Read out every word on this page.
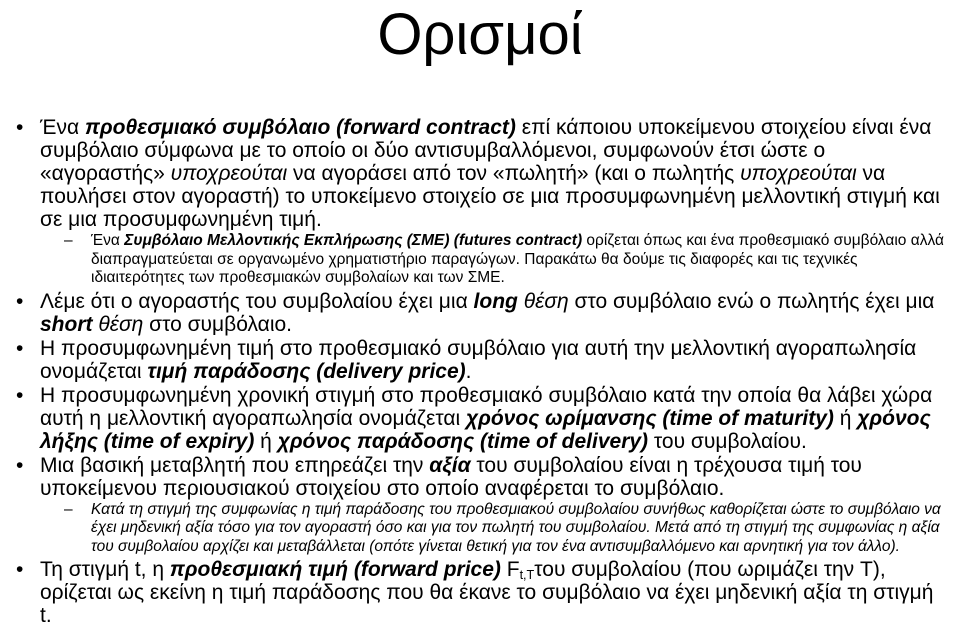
Ορισμοί

• Ένα προθεσμιακό συμβόλαιο (forward contract) επί κάποιου υποκείμενου στοιχείου είναι ένα συμβόλαιο σύμφωνα με το οποίο οι δύο αντισυμβαλλόμενοι, συμφωνούν έτσι ώστε ο «αγοραστής» υποχρεούται να αγοράσει από τον «πωλητή» (και ο πωλητής υποχρεούται να πουλήσει στον αγοραστή) το υποκείμενο στοιχείο σε μια προσυμφωνημένη μελλοντική στιγμή και σε μια προσυμφωνημένη τιμή.

– Ένα Συμβόλαιο Μελλοντικής Εκπλήρωσης (ΣΜΕ) (futures contract) ορίζεται όπως και ένα προθεσμιακό συμβόλαιο αλλά διαπραγματεύεται σε οργανωμένο χρηματιστήριο παραγώγων. Παρακάτω θα δούμε τις διαφορές και τις τεχνικές ιδιαιτερότητες των προθεσμιακών συμβολαίων και των ΣΜΕ.

• Λέμε ότι ο αγοραστής του συμβολαίου έχει μια long θέση στο συμβόλαιο ενώ ο πωλητής έχει μια short θέση στο συμβόλαιο.

• Η προσυμφωνημένη τιμή στο προθεσμιακό συμβόλαιο για αυτή την μελλοντική αγοραπωλησία ονομάζεται τιμή παράδοσης (delivery price).

• Η προσυμφωνημένη χρονική στιγμή στο προθεσμιακό συμβόλαιο κατά την οποία θα λάβει χώρα αυτή η μελλοντική αγοραπωλησία ονομάζεται χρόνος ωρίμανσης (time of maturity) ή χρόνος λήξης (time of expiry) ή χρόνος παράδοσης (time of delivery) του συμβολαίου.

• Μια βασική μεταβλητή που επηρεάζει την αξία του συμβολαίου είναι η τρέχουσα τιμή του υποκείμενου περιουσιακού στοιχείου στο οποίο αναφέρεται το συμβόλαιο.

– Κατά τη στιγμή της συμφωνίας η τιμή παράδοσης του προθεσμιακού συμβολαίου συνήθως καθορίζεται ώστε το συμβόλαιο να έχει μηδενική αξία τόσο για τον αγοραστή όσο και για τον πωλητή του συμβολαίου. Μετά από τη στιγμή της συμφωνίας η αξία του συμβολαίου αρχίζει και μεταβάλλεται (οπότε γίνεται θετική για τον ένα αντισυμβαλλόμενο και αρνητική για τον άλλο).

• Τη στιγμή t, η προθεσμιακή τιμή (forward price) $F_{t,T}\tau o\upsilon$ συμβολαίου (που ωριμάζει την T), ορίζεται ως εκείνη η τιμή παράδοσης που θα έκανε το συμβόλαιο να έχει μηδενική αξία τη στιγμή t.
